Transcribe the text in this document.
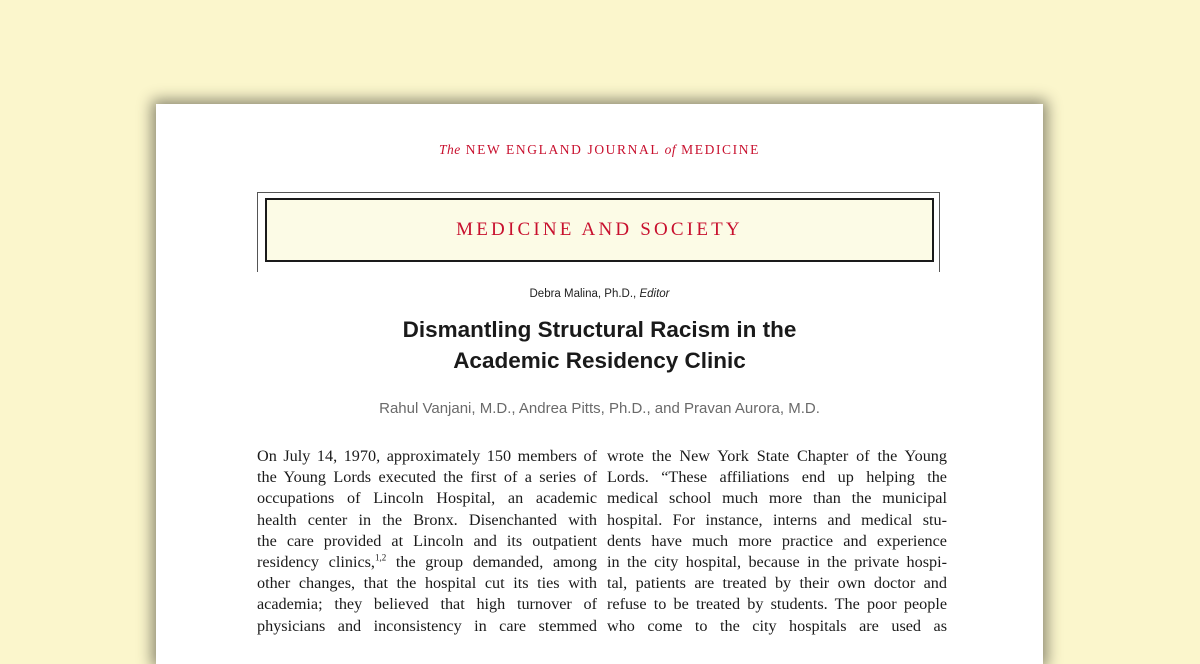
The NEW ENGLAND JOURNAL of MEDICINE
MEDICINE AND SOCIETY
Debra Malina, Ph.D., Editor
Dismantling Structural Racism in the
Academic Residency Clinic
Rahul Vanjani, M.D., Andrea Pitts, Ph.D., and Pravan Aurora, M.D.
On July 14, 1970, approximately 150 members of
the Young Lords executed the first of a series of
occupations of Lincoln Hospital, an academic
health center in the Bronx. Disenchanted with
the care provided at Lincoln and its outpatient
residency clinics,$^{1,2}$ the group demanded, among
other changes, that the hospital cut its ties with
academia; they believed that high turnover of
physicians and inconsistency in care stemmed
wrote the New York State Chapter of the Young
Lords. “These affiliations end up helping the
medical school much more than the municipal
hospital. For instance, interns and medical stu-
dents have much more practice and experience
in the city hospital, because in the private hospi-
tal, patients are treated by their own doctor and
refuse to be treated by students. The poor people
who come to the city hospitals are used as
